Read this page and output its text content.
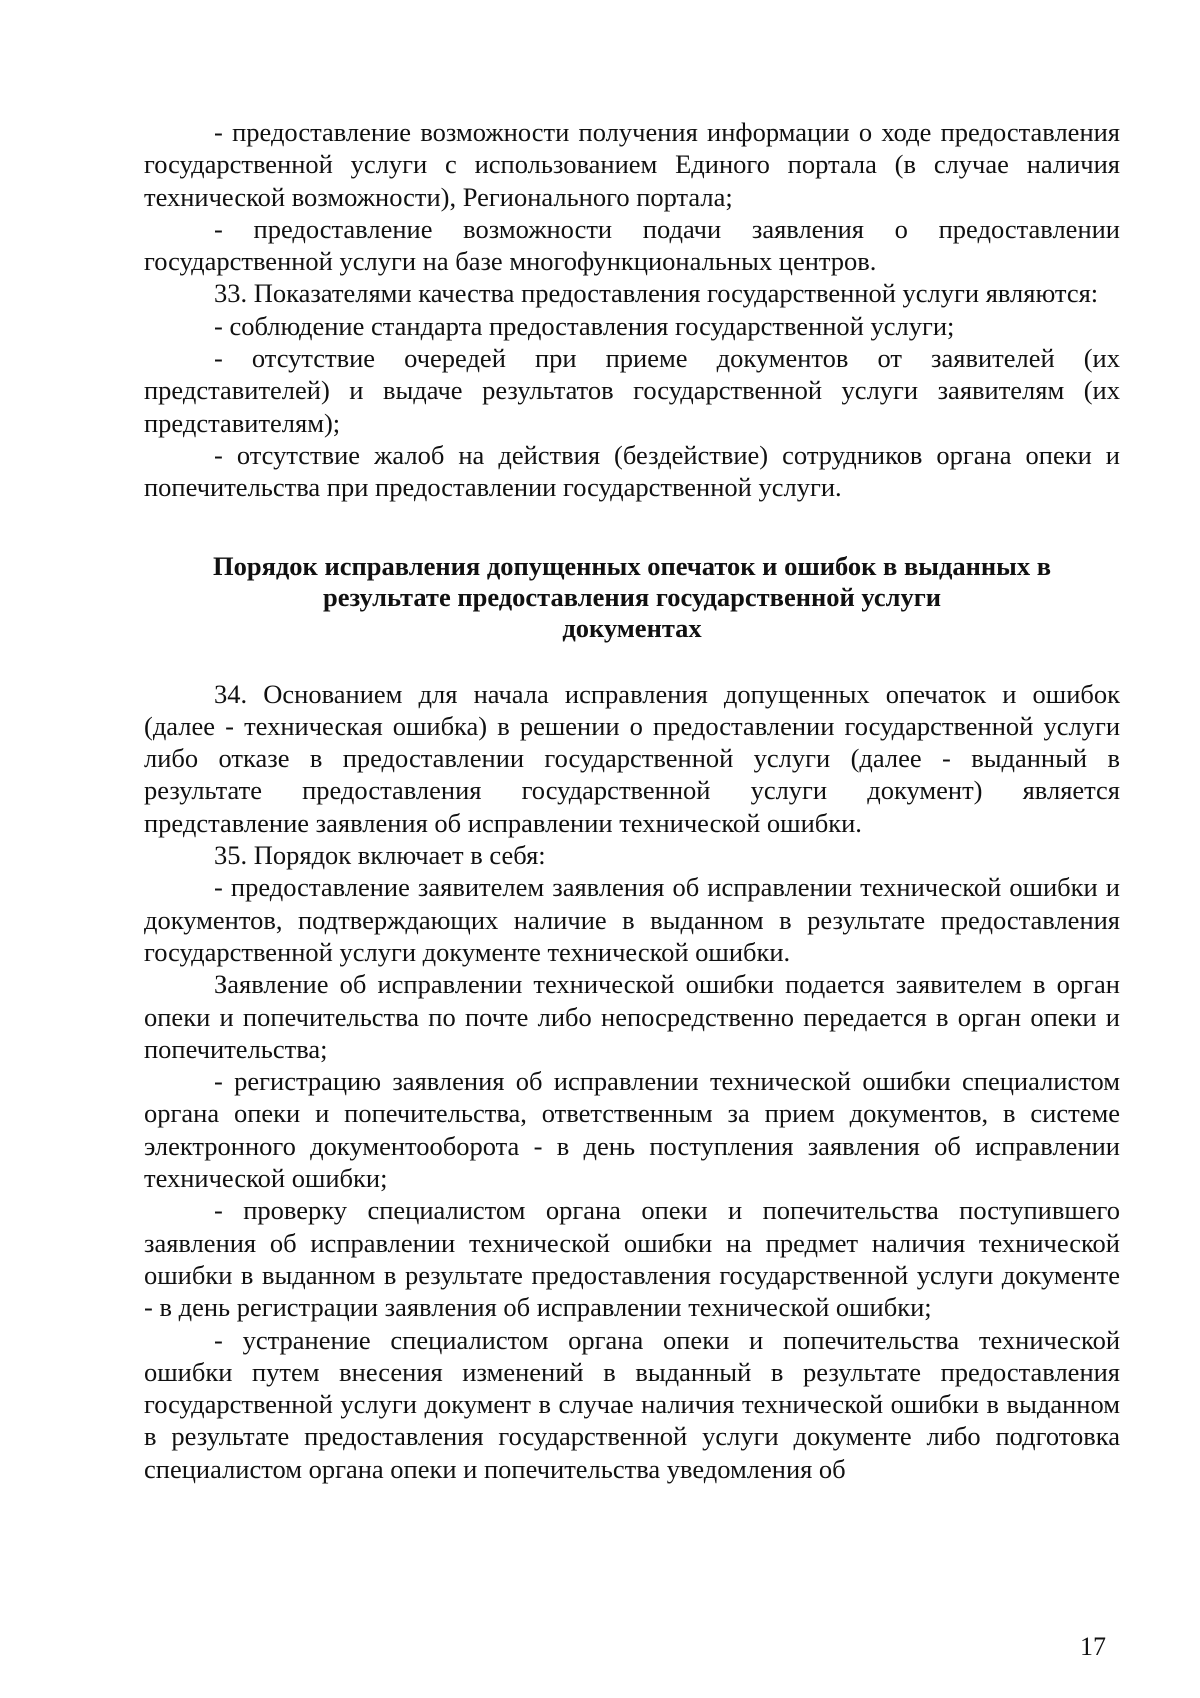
- предоставление возможности получения информации о ходе предоставления государственной услуги с использованием Единого портала (в случае наличия технической возможности), Регионального портала;

- предоставление возможности подачи заявления о предоставлении государственной услуги на базе многофункциональных центров.

33. Показателями качества предоставления государственной услуги являются:

- соблюдение стандарта предоставления государственной услуги;

- отсутствие очередей при приеме документов от заявителей (их представителей) и выдаче результатов государственной услуги заявителям (их представителям);

- отсутствие жалоб на действия (бездействие) сотрудников органа опеки и попечительства при предоставлении государственной услуги.

Порядок исправления допущенных опечаток и ошибок в выданных в
результате предоставления государственной услуги
документах

34. Основанием для начала исправления допущенных опечаток и ошибок (далее - техническая ошибка) в решении о предоставлении государственной услуги либо отказе в предоставлении государственной услуги (далее - выданный в результате предоставления государственной услуги документ) является представление заявления об исправлении технической ошибки.

35. Порядок включает в себя:

- предоставление заявителем заявления об исправлении технической ошибки и документов, подтверждающих наличие в выданном в результате предоставления государственной услуги документе технической ошибки.

Заявление об исправлении технической ошибки подается заявителем в орган опеки и попечительства по почте либо непосредственно передается в орган опеки и попечительства;

- регистрацию заявления об исправлении технической ошибки специалистом органа опеки и попечительства, ответственным за прием документов, в системе электронного документооборота - в день поступления заявления об исправлении технической ошибки;

- проверку специалистом органа опеки и попечительства поступившего заявления об исправлении технической ошибки на предмет наличия технической ошибки в выданном в результате предоставления государственной услуги документе - в день регистрации заявления об исправлении технической ошибки;

- устранение специалистом органа опеки и попечительства технической ошибки путем внесения изменений в выданный в результате предоставления государственной услуги документ в случае наличия технической ошибки в выданном в результате предоставления государственной услуги документе либо подготовка специалистом органа опеки и попечительства уведомления об

17
